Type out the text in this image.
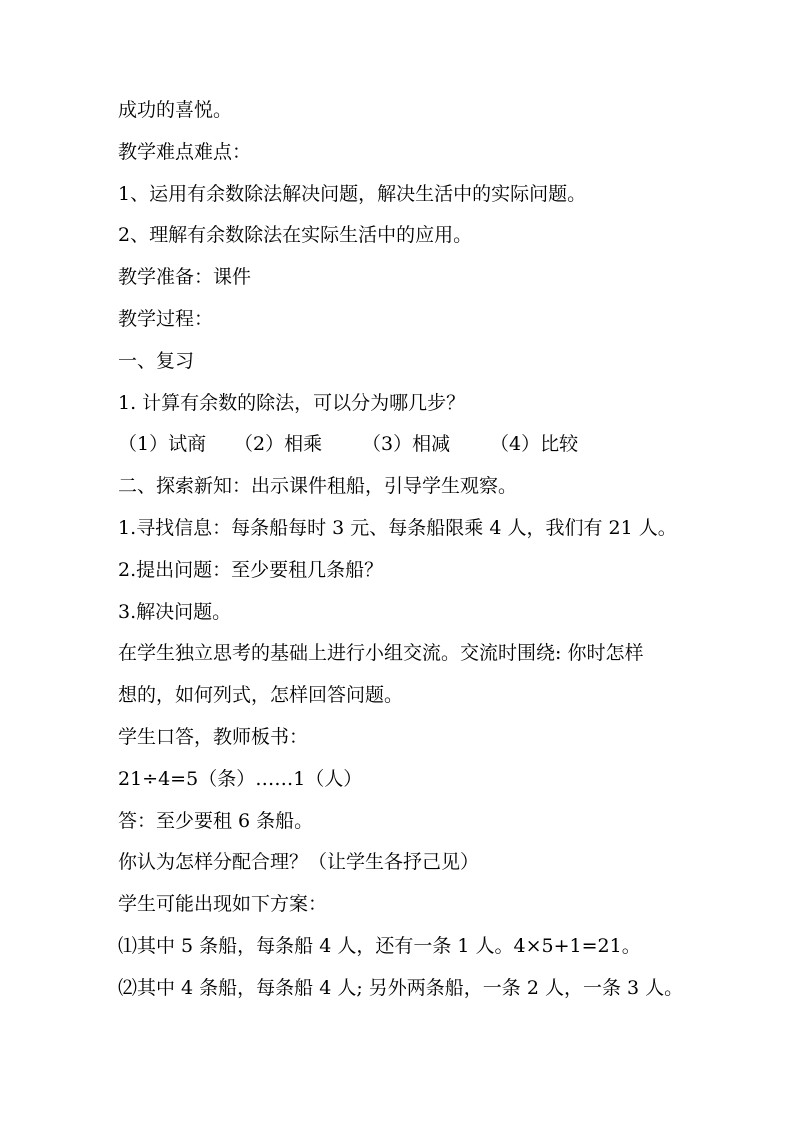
成功的喜悦。
教学难点难点：
1、运用有余数除法解决问题，解决生活中的实际问题。
2、理解有余数除法在实际生活中的应用。
教学准备：课件
教学过程：
一、复习
1. 计算有余数的除法，可以分为哪几步？
（1）试商 （2）相乘 （3）相减 （4）比较
二、探索新知：出示课件租船，引导学生观察。
1.寻找信息：每条船每时 3 元、每条船限乘 4 人，我们有 21 人。
2.提出问题：至少要租几条船？
3.解决问题。
在学生独立思考的基础上进行小组交流。交流时围绕: 你时怎样
想的，如何列式，怎样回答问题。
学生口答，教师板书：
21÷4=5（条）……1（人）
答：至少要租 6 条船。
你认为怎样分配合理？（让学生各抒己见）
学生可能出现如下方案：
⑴其中 5 条船，每条船 4 人，还有一条 1 人。4×5+1=21。
⑵其中 4 条船，每条船 4 人; 另外两条船，一条 2 人，一条 3 人。
